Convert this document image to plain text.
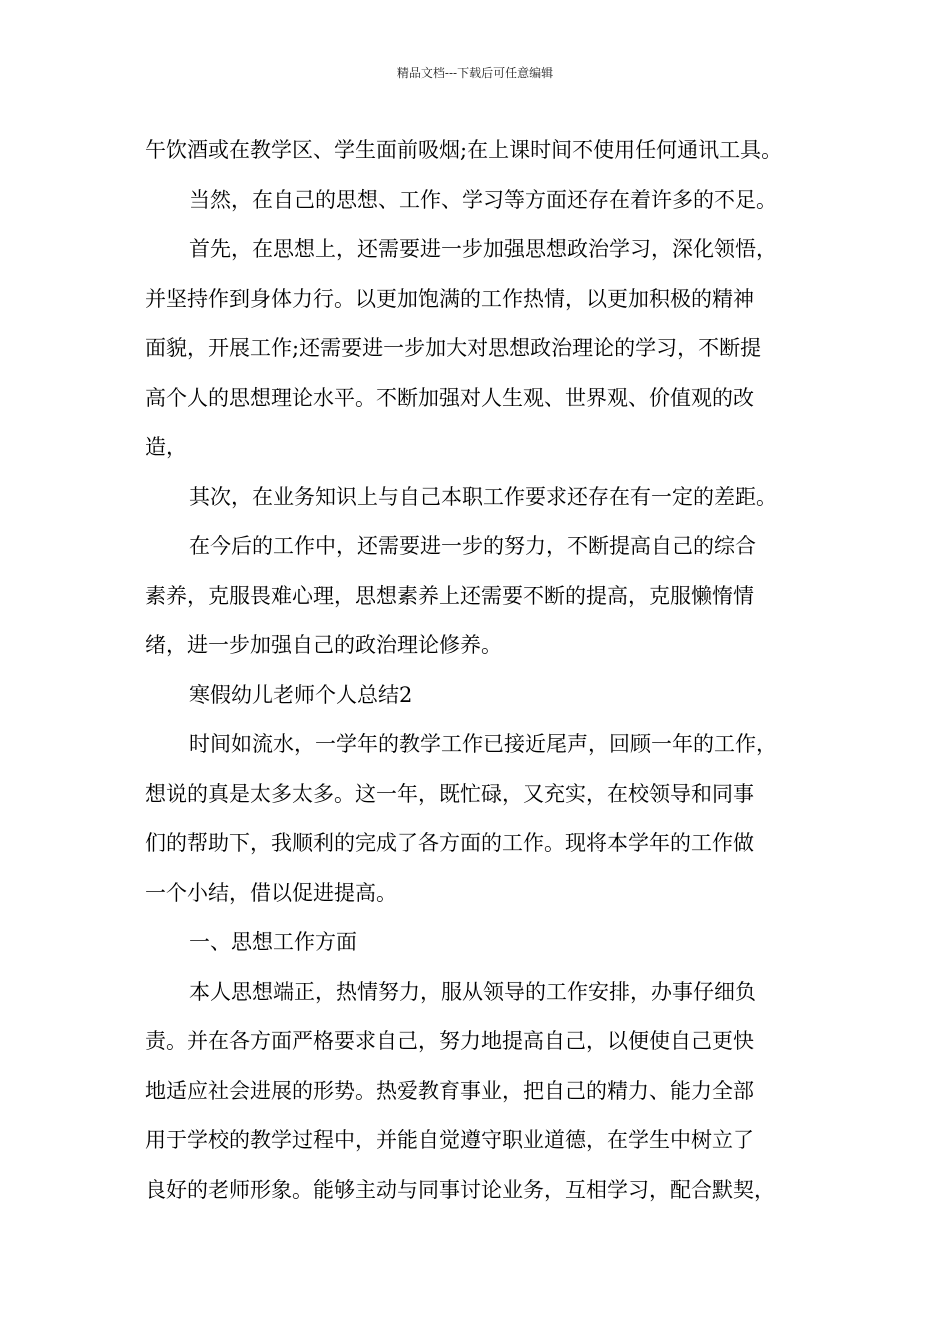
精品文档---下载后可任意编辑
午饮酒或在教学区、学生面前吸烟;在上课时间不使用任何通讯工具。
当然，在自己的思想、工作、学习等方面还存在着许多的不足。
首先，在思想上，还需要进一步加强思想政治学习，深化领悟，
并坚持作到身体力行。以更加饱满的工作热情，以更加积极的精神
面貌，开展工作;还需要进一步加大对思想政治理论的学习，不断提
高个人的思想理论水平。不断加强对人生观、世界观、价值观的改
造，
其次，在业务知识上与自己本职工作要求还存在有一定的差距。
在今后的工作中，还需要进一步的努力，不断提高自己的综合
素养，克服畏难心理，思想素养上还需要不断的提高，克服懒惰情
绪，进一步加强自己的政治理论修养。
寒假幼儿老师个人总结2
时间如流水，一学年的教学工作已接近尾声，回顾一年的工作，
想说的真是太多太多。这一年，既忙碌，又充实，在校领导和同事
们的帮助下，我顺利的完成了各方面的工作。现将本学年的工作做
一个小结，借以促进提高。
一、思想工作方面
本人思想端正，热情努力，服从领导的工作安排，办事仔细负
责。并在各方面严格要求自己，努力地提高自己，以便使自己更快
地适应社会进展的形势。热爱教育事业，把自己的精力、能力全部
用于学校的教学过程中，并能自觉遵守职业道德，在学生中树立了
良好的老师形象。能够主动与同事讨论业务，互相学习，配合默契，
